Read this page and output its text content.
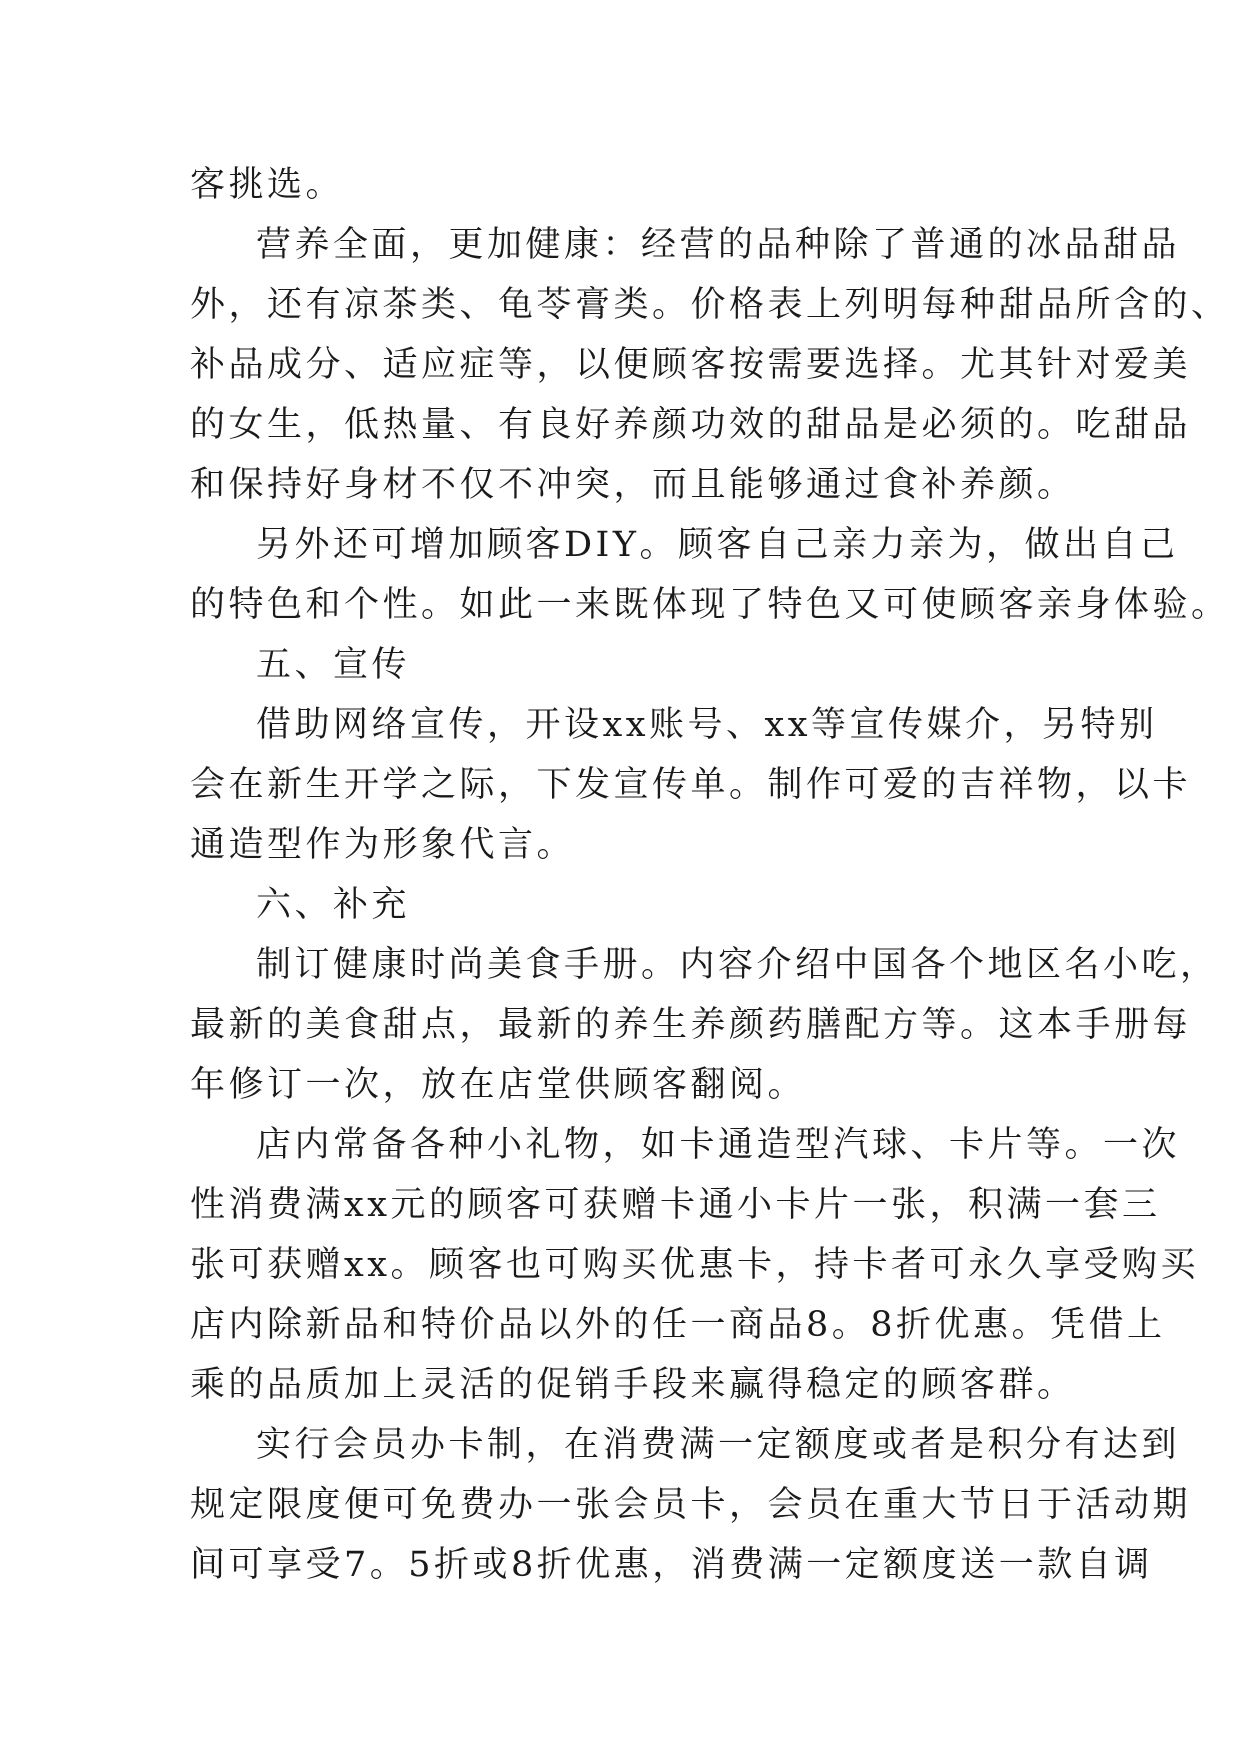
客挑选。
营养全面，更加健康：经营的品种除了普通的冰品甜品
外，还有凉茶类、龟苓膏类。价格表上列明每种甜品所含的、
补品成分、适应症等，以便顾客按需要选择。尤其针对爱美
的女生，低热量、有良好养颜功效的甜品是必须的。吃甜品
和保持好身材不仅不冲突，而且能够通过食补养颜。
另外还可增加顾客DIY。顾客自己亲力亲为，做出自己
的特色和个性。如此一来既体现了特色又可使顾客亲身体验。
五、宣传
借助网络宣传，开设xx账号、xx等宣传媒介，另特别
会在新生开学之际，下发宣传单。制作可爱的吉祥物，以卡
通造型作为形象代言。
六、补充
制订健康时尚美食手册。内容介绍中国各个地区名小吃，
最新的美食甜点，最新的养生养颜药膳配方等。这本手册每
年修订一次，放在店堂供顾客翻阅。
店内常备各种小礼物，如卡通造型汽球、卡片等。一次
性消费满xx元的顾客可获赠卡通小卡片一张，积满一套三
张可获赠xx。顾客也可购买优惠卡，持卡者可永久享受购买
店内除新品和特价品以外的任一商品8。8折优惠。凭借上
乘的品质加上灵活的促销手段来赢得稳定的顾客群。
实行会员办卡制，在消费满一定额度或者是积分有达到
规定限度便可免费办一张会员卡，会员在重大节日于活动期
间可享受7。5折或8折优惠，消费满一定额度送一款自调
